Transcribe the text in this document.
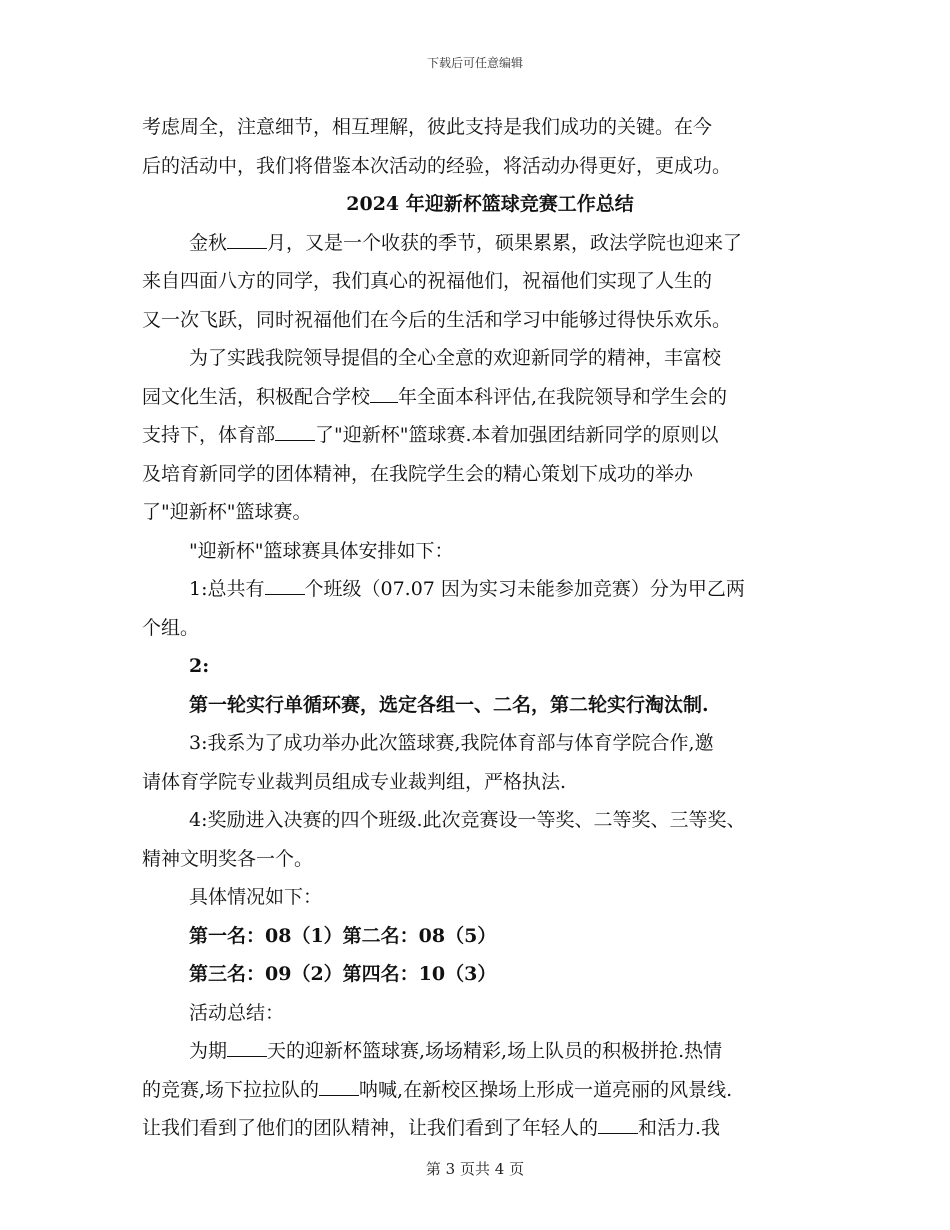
下载后可任意编辑
考虑周全，注意细节，相互理解，彼此支持是我们成功的关键。在今
后的活动中，我们将借鉴本次活动的经验，将活动办得更好，更成功。
2024 年迎新杯篮球竞赛工作总结
金秋 月，又是一个收获的季节，硕果累累，政法学院也迎来了
来自四面八方的同学，我们真心的祝福他们，祝福他们实现了人生的
又一次飞跃，同时祝福他们在今后的生活和学习中能够过得快乐欢乐。
为了实践我院领导提倡的全心全意的欢迎新同学的精神，丰富校
园文化生活，积极配合学校 年全面本科评估,在我院领导和学生会的
支持下，体育部 了"迎新杯"篮球赛.本着加强团结新同学的原则以
及培育新同学的团体精神，在我院学生会的精心策划下成功的举办
了"迎新杯"篮球赛。
"迎新杯"篮球赛具体安排如下：
1:总共有 个班级（07.07 因为实习未能参加竞赛）分为甲乙两
个组。
2:
第一轮实行单循环赛，选定各组一、二名，第二轮实行淘汰制.
3:我系为了成功举办此次篮球赛,我院体育部与体育学院合作,邀
请体育学院专业裁判员组成专业裁判组，严格执法.
4:奖励进入决赛的四个班级.此次竞赛设一等奖、二等奖、三等奖、
精神文明奖各一个。
具体情况如下：
第一名：08（1）第二名：08（5）
第三名：09（2）第四名：10（3）
活动总结：
为期 天的迎新杯篮球赛,场场精彩,场上队员的积极拼抢.热情
的竞赛,场下拉拉队的 呐喊,在新校区操场上形成一道亮丽的风景线.
让我们看到了他们的团队精神，让我们看到了年轻人的 和活力.我
第 3 页共 4 页
